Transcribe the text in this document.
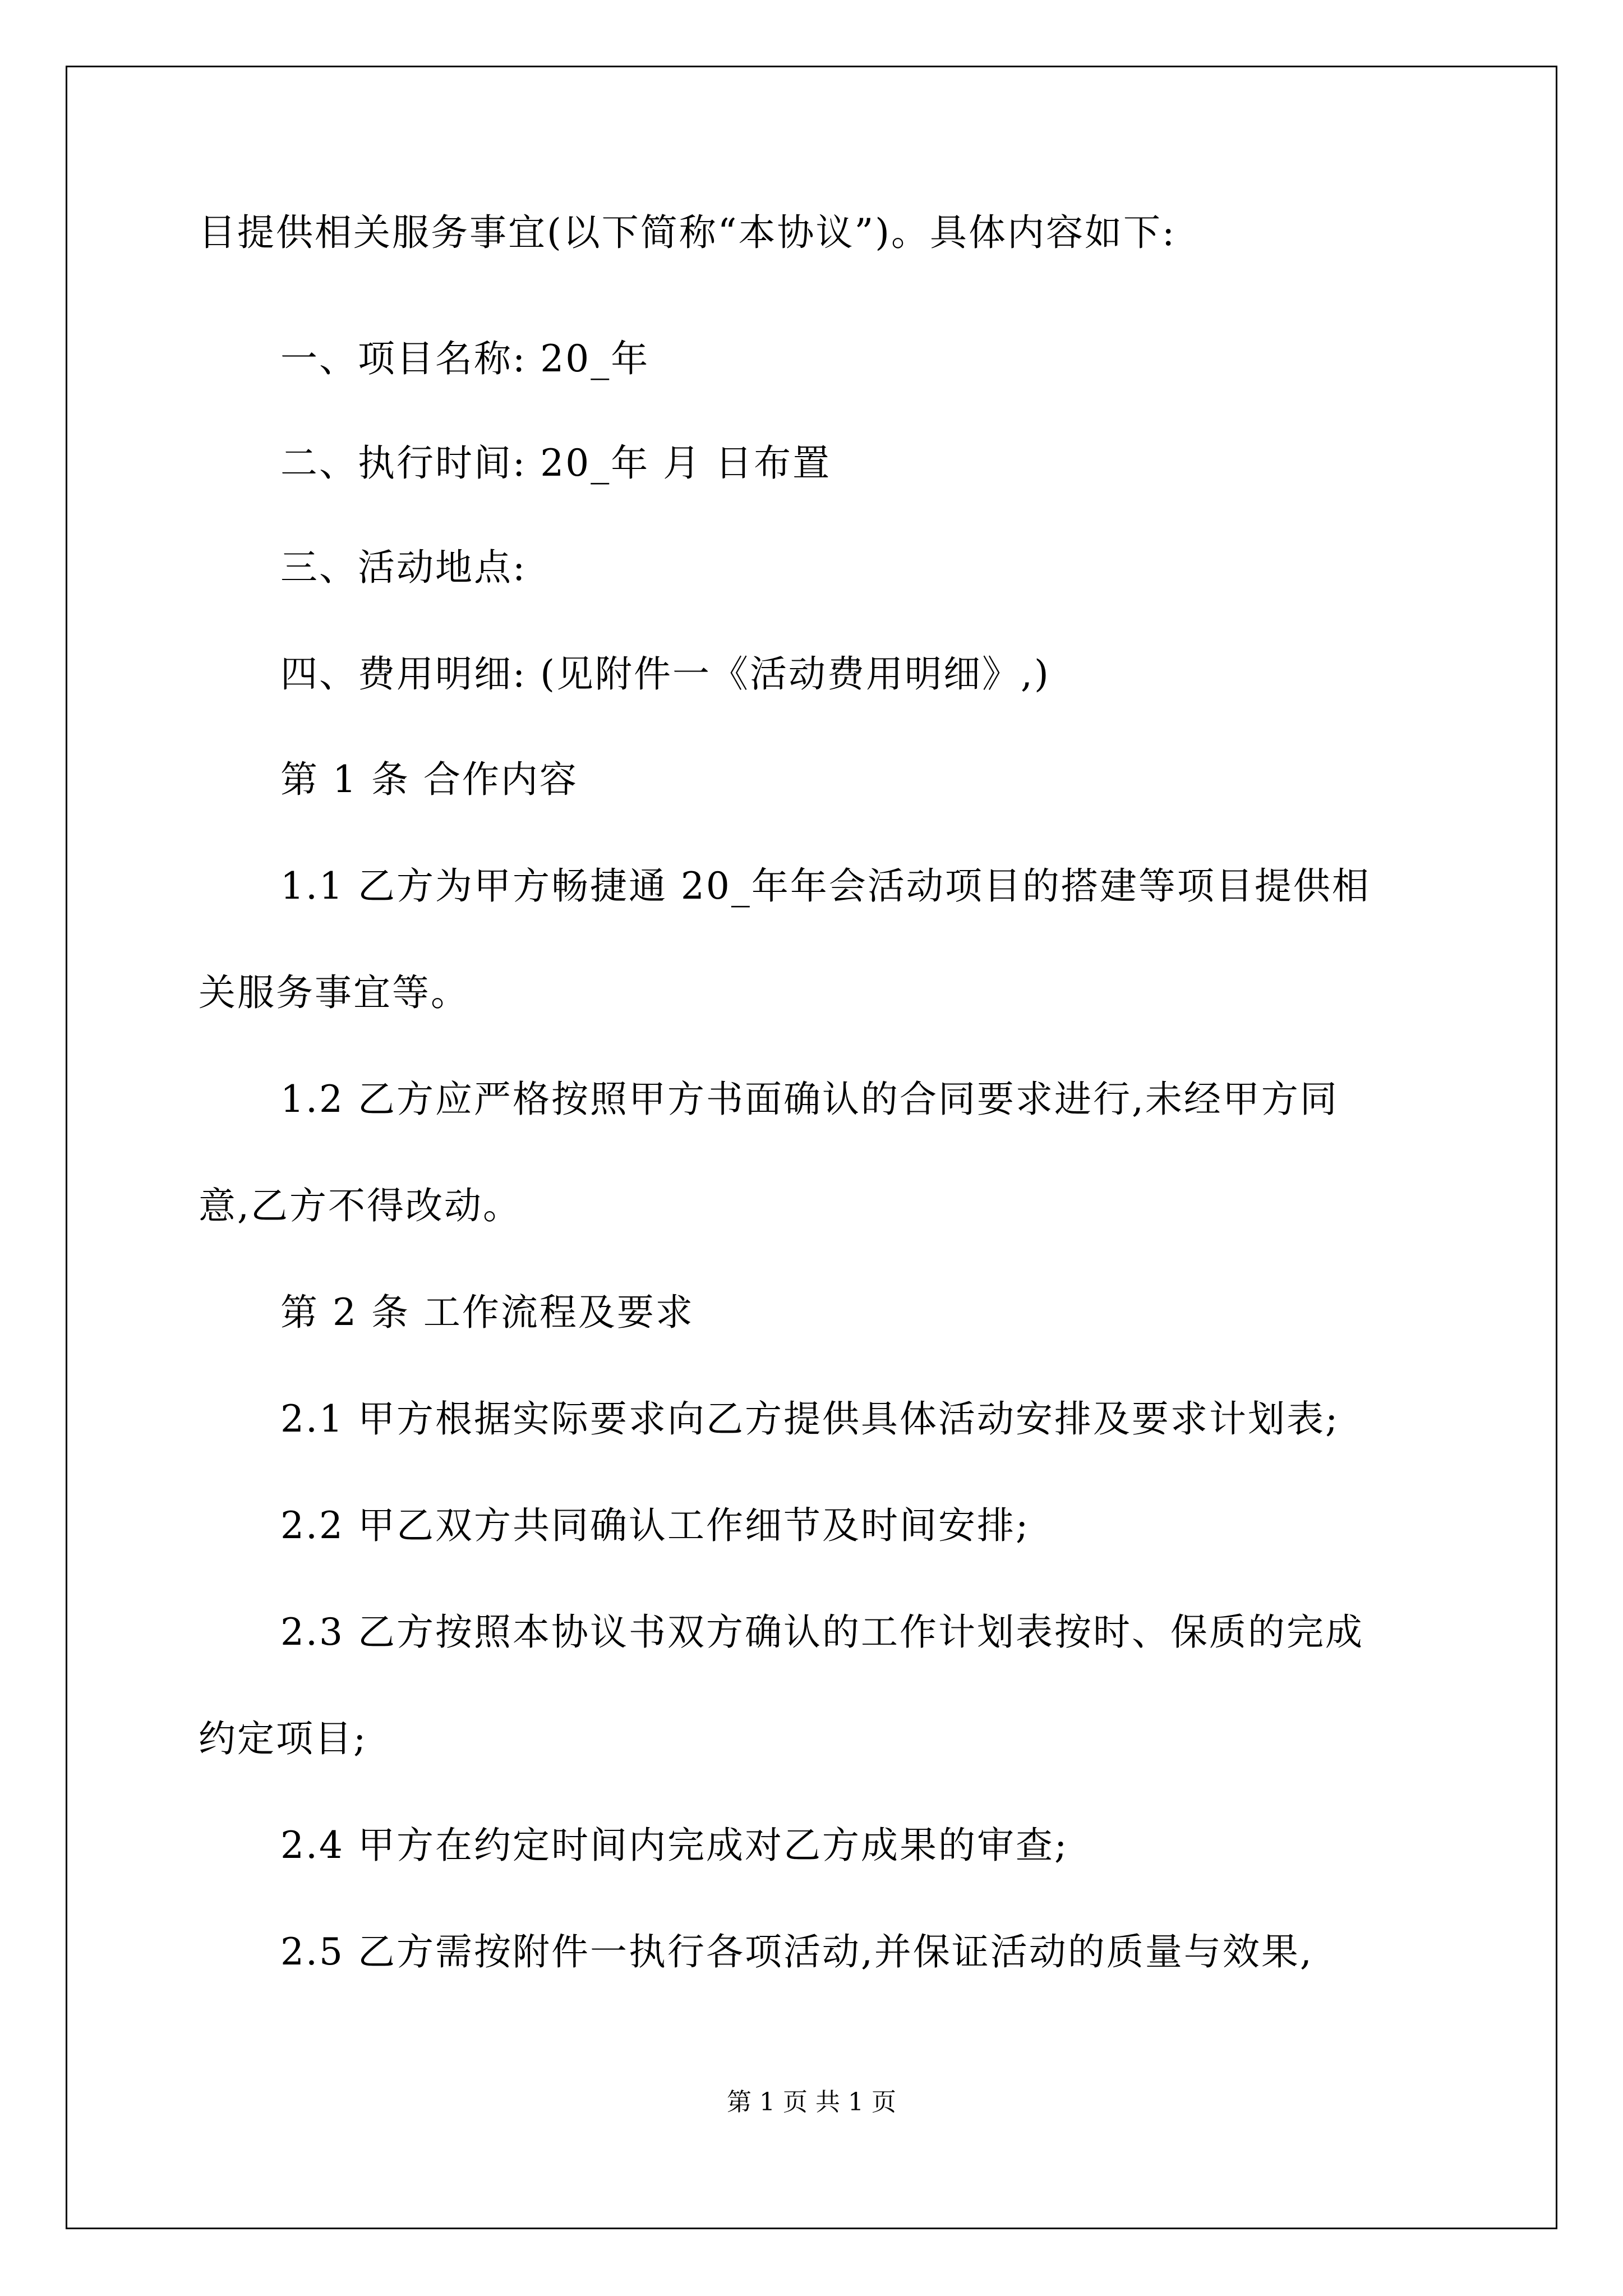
目提供相关服务事宜(以下简称“本协议”)。具体内容如下:
一、项目名称: 20_年
二、执行时间: 20_年 月 日布置
三、活动地点:
四、费用明细: (见附件一《活动费用明细》,)
第 1 条 合作内容
1.1 乙方为甲方畅捷通 20_年年会活动项目的搭建等项目提供相
关服务事宜等。
1.2 乙方应严格按照甲方书面确认的合同要求进行,未经甲方同
意,乙方不得改动。
第 2 条 工作流程及要求
2.1 甲方根据实际要求向乙方提供具体活动安排及要求计划表;
2.2 甲乙双方共同确认工作细节及时间安排;
2.3 乙方按照本协议书双方确认的工作计划表按时、保质的完成
约定项目;
2.4 甲方在约定时间内完成对乙方成果的审查;
2.5 乙方需按附件一执行各项活动,并保证活动的质量与效果,
第 1 页 共 1 页
